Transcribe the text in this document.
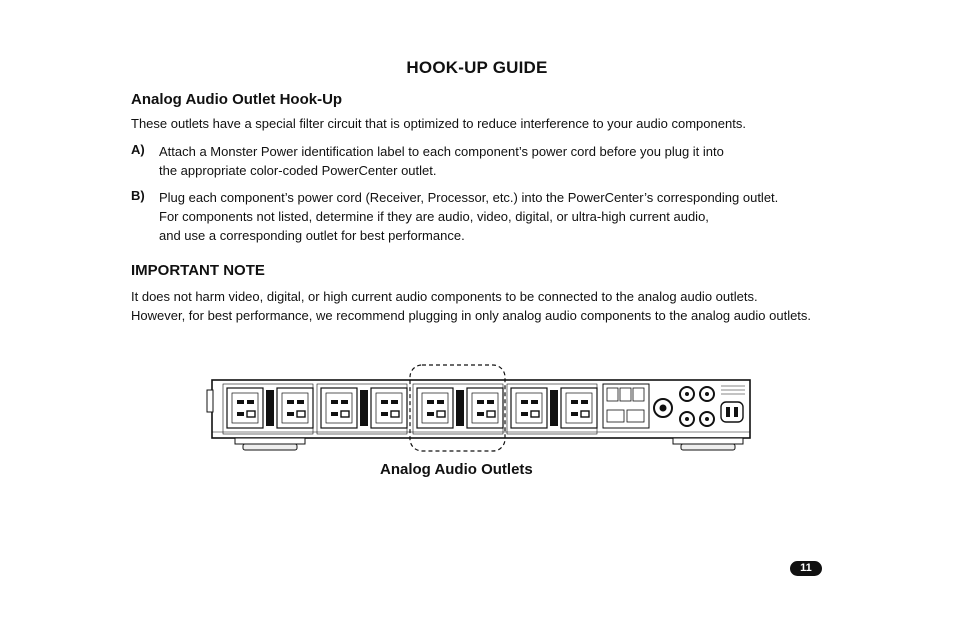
HOOK-UP GUIDE
Analog Audio Outlet Hook-Up
These outlets have a special filter circuit that is optimized to reduce interference to your audio components.
A) Attach a Monster Power identification label to each component’s power cord before you plug it into
the appropriate color-coded PowerCenter outlet.
B) Plug each component’s power cord (Receiver, Processor, etc.) into the PowerCenter’s corresponding outlet.
For components not listed, determine if they are audio, video, digital, or ultra-high current audio,
and use a corresponding outlet for best performance.
IMPORTANT NOTE
It does not harm video, digital, or high current audio components to be connected to the analog audio outlets.
However, for best performance, we recommend plugging in only analog audio components to the analog audio outlets.
Analog Audio Outlets
11
